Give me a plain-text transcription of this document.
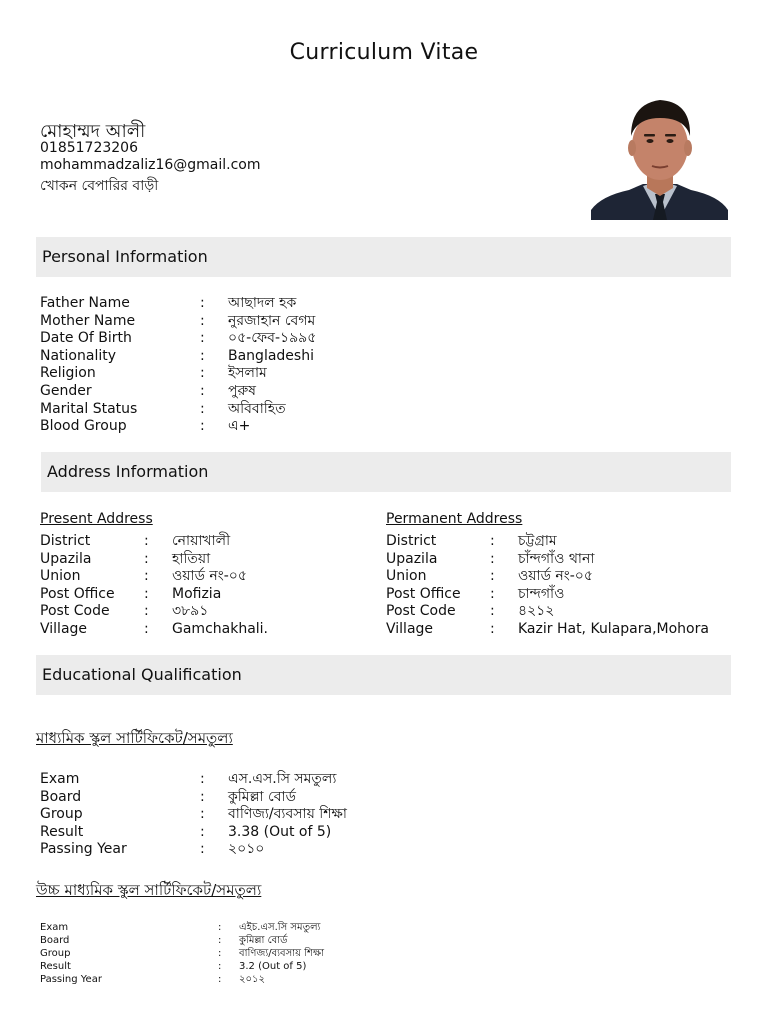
Curriculum Vitae
মোহাম্মদ আলী
01851723206
mohammadzaliz16@gmail.com
খোকন বেপারির বাড়ী
Personal Information
Father Name	: আছাদল হক
Mother Name	: নুরজাহান বেগম
Date Of Birth	: ০৫-ফেব-১৯৯৫
Nationality	: Bangladeshi
Religion	: ইসলাম
Gender	: পুরুষ
Marital Status	: অবিবাহিত
Blood Group	: এ+
Address Information
Present Address	Permanent Address
District	: নোয়াখালী
Upazila	: হাতিয়া
Union	: ওয়ার্ড নং-০৫
Post Office : Mofizia
Post Code : ৩৮৯১
Village	: Gamchakhali.
District	: চট্টগ্রাম
Upazila	: চাঁন্দগাঁও থানা
Union	: ওয়ার্ড নং-০৫
Post Office : চান্দগাঁও
Post Code : ৪২১২
Village	: Kazir Hat, Kulapara,Mohora
Educational Qualification
মাধ্যমিক স্কুল সার্টিফিকেট/সমতুল্য
Exam	: এস.এস.সি সমতুল্য
Board	: কুমিল্লা বোর্ড
Group	: বাণিজ্য/ব্যবসায় শিক্ষা
Result	: 3.38 (Out of 5)
Passing Year	: ২০১০
উচ্চ মাধ্যমিক স্কুল সার্টিফিকেট/সমতুল্য
Exam	: এইচ.এস.সি সমতুল্য
Board	: কুমিল্লা বোর্ড
Group	: বাণিজ্য/ব্যবসায় শিক্ষা
Result	: 3.2 (Out of 5)
Passing Year	: ২০১২
